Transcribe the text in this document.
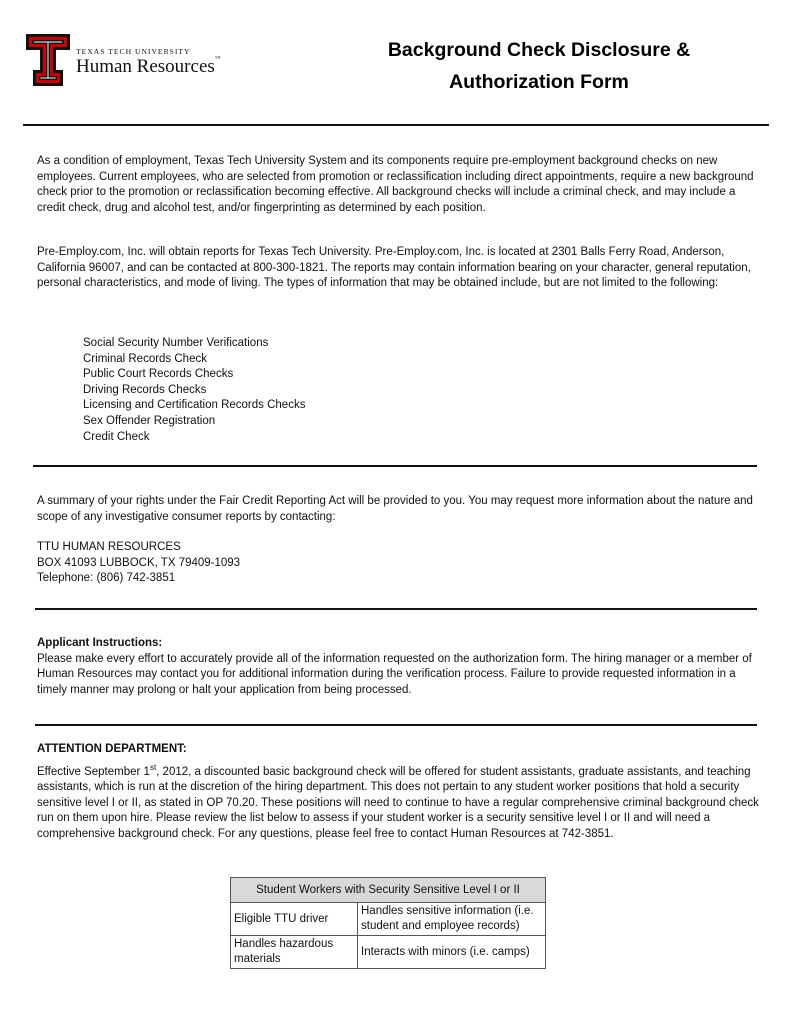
TEXAS TECH UNIVERSITY
Human Resources™	Background Check Disclosure &
Authorization Form
As a condition of employment, Texas Tech University System and its components require pre-employment background checks on new employees. Current employees, who are selected from promotion or reclassification including direct appointments, require a new background check prior to the promotion or reclassification becoming effective. All background checks will include a criminal check, and may include a credit check, drug and alcohol test, and/or fingerprinting as determined by each position.
Pre-Employ.com, Inc. will obtain reports for Texas Tech University. Pre-Employ.com, Inc. is located at 2301 Balls Ferry Road, Anderson, California 96007, and can be contacted at 800-300-1821. The reports may contain information bearing on your character, general reputation, personal characteristics, and mode of living. The types of information that may be obtained include, but are not limited to the following:
Social Security Number Verifications
Criminal Records Check
Public Court Records Checks
Driving Records Checks
Licensing and Certification Records Checks
Sex Offender Registration
Credit Check
A summary of your rights under the Fair Credit Reporting Act will be provided to you. You may request more information about the nature and scope of any investigative consumer reports by contacting:
TTU HUMAN RESOURCES
BOX 41093 LUBBOCK, TX 79409-1093
Telephone: (806) 742-3851
Applicant Instructions:
Please make every effort to accurately provide all of the information requested on the authorization form. The hiring manager or a member of Human Resources may contact you for additional information during the verification process. Failure to provide requested information in a timely manner may prolong or halt your application from being processed.
ATTENTION DEPARTMENT:
Effective September 1st, 2012, a discounted basic background check will be offered for student assistants, graduate assistants, and teaching assistants, which is run at the discretion of the hiring department. This does not pertain to any student worker positions that hold a security sensitive level I or II, as stated in OP 70.20. These positions will need to continue to have a regular comprehensive criminal background check run on them upon hire. Please review the list below to assess if your student worker is a security sensitive level I or II and will need a comprehensive background check. For any questions, please feel free to contact Human Resources at 742-3851.
Student Workers with Security Sensitive Level I or II	
Eligible TTU driver	Handles sensitive information (i.e. student and employee records)
Handles hazardous materials	Interacts with minors (i.e. camps)
